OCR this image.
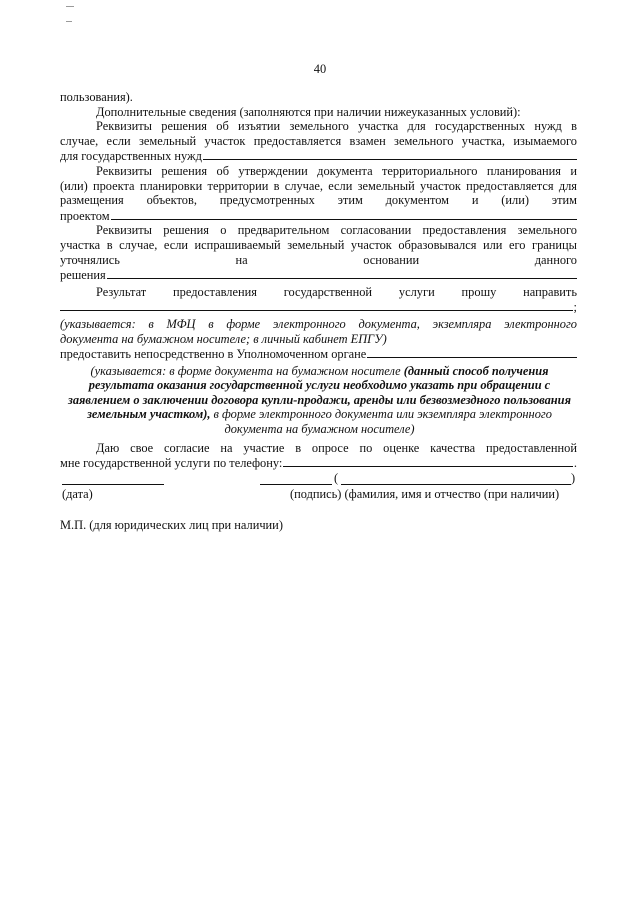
40

пользования).

Дополнительные сведения (заполняются при наличии нижеуказанных условий):

Реквизиты решения об изъятии земельного участка для государственных нужд в

случае, если земельный участок предоставляется взамен земельного участка, изымаемого

для государственных нужд

Реквизиты решения об утверждении документа территориального планирования и

(или) проекта планировки территории в случае, если земельный участок предоставляется для

размещения объектов, предусмотренных этим документом и (или) этим

проектом

Реквизиты решения о предварительном согласовании предоставления земельного

участка в случае, если испрашиваемый земельный участок образовывался или его границы

уточнялись на основании данного

решения

Результат предоставления государственной услуги прошу направить

;

(указывается: в МФЦ в форме электронного документа, экземпляра электронного

документа на бумажном носителе; в личный кабинет ЕПГУ)

предоставить непосредственно в Уполномоченном органе

(указывается: в форме документа на бумажном носителе (данный способ получения результата оказания государственной услуги необходимо указать при обращении с заявлением о заключении договора купли-продажи, аренды или безвозмездного пользования земельным участком), в форме электронного документа или экземпляра электронного документа на бумажном носителе)

Даю свое согласие на участие в опросе по оценке качества предоставленной

мне государственной услуги по телефону:	.
(	)
(дата)	(подпись) (фамилия, имя и отчество (при наличии)
М.П. (для юридических лиц при наличии)
